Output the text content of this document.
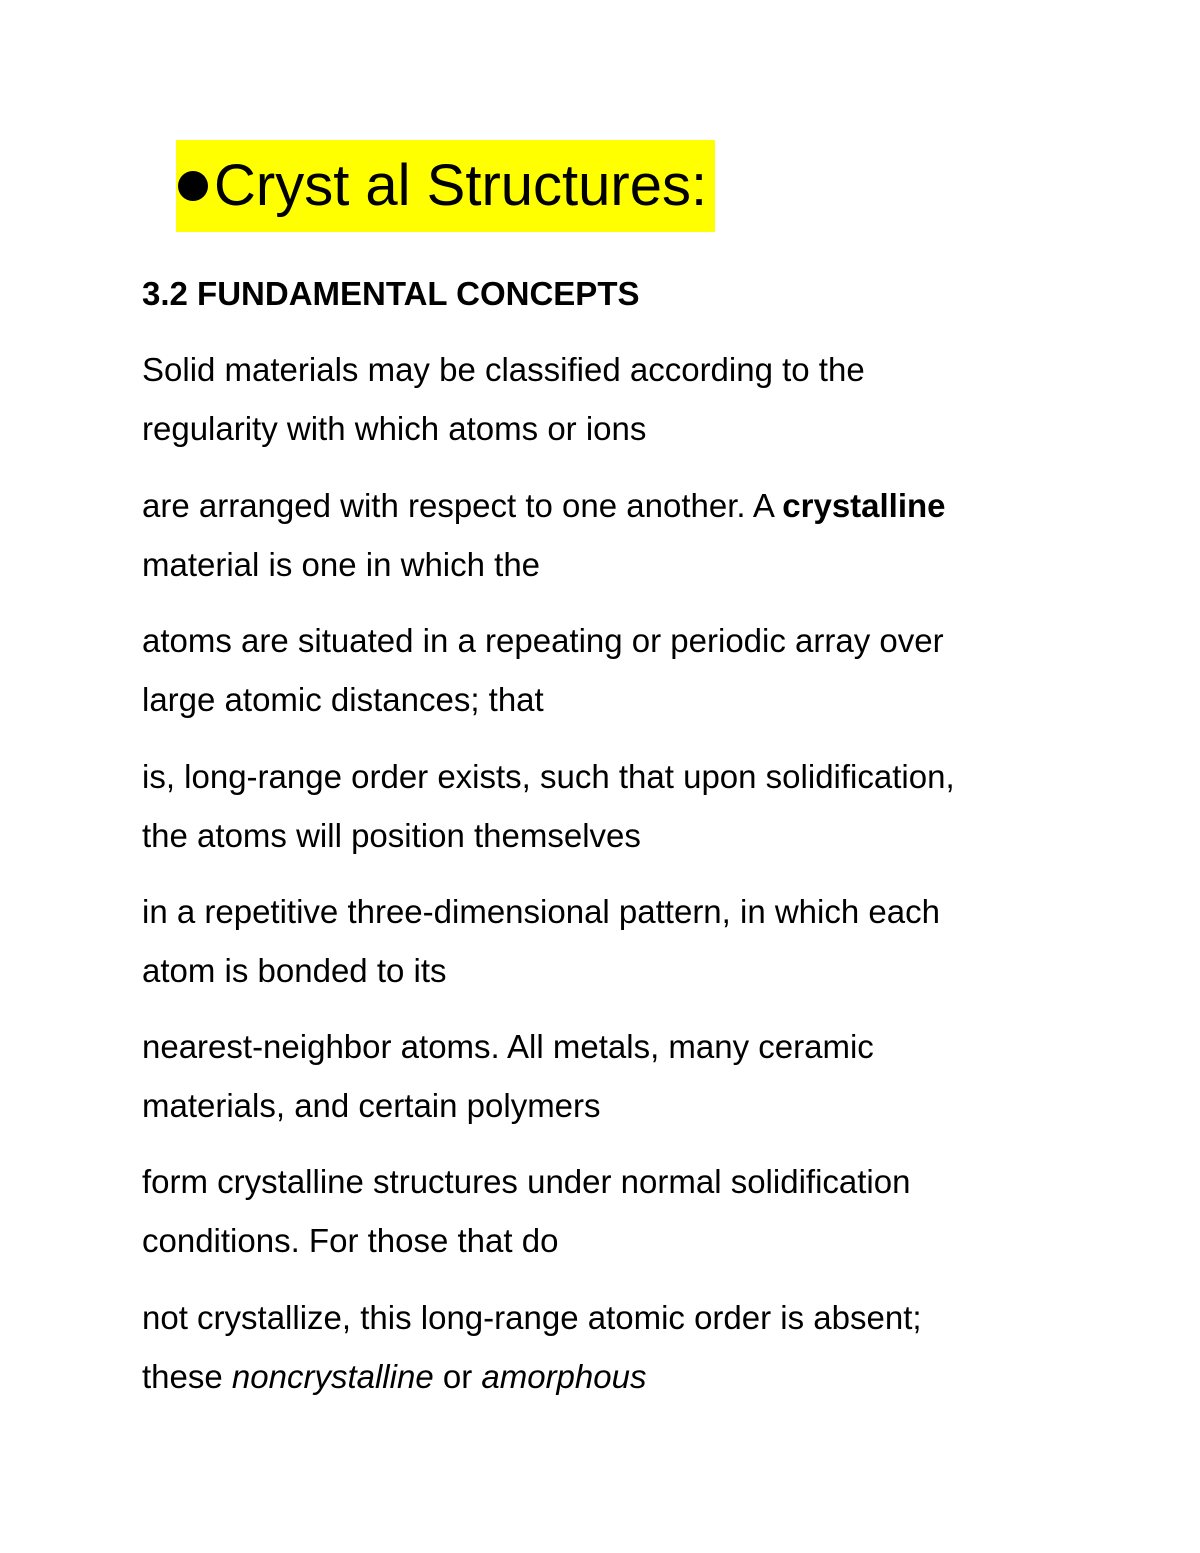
Cryst al Structures:
3.2 FUNDAMENTAL CONCEPTS
Solid materials may be classified according to the
regularity with which atoms or ions
are arranged with respect to one another. A crystalline
material is one in which the
atoms are situated in a repeating or periodic array over
large atomic distances; that
is, long-range order exists, such that upon solidification,
the atoms will position themselves
in a repetitive three-dimensional pattern, in which each
atom is bonded to its
nearest-neighbor atoms. All metals, many ceramic
materials, and certain polymers
form crystalline structures under normal solidification
conditions. For those that do
not crystallize, this long-range atomic order is absent;
these noncrystalline or amorphous
